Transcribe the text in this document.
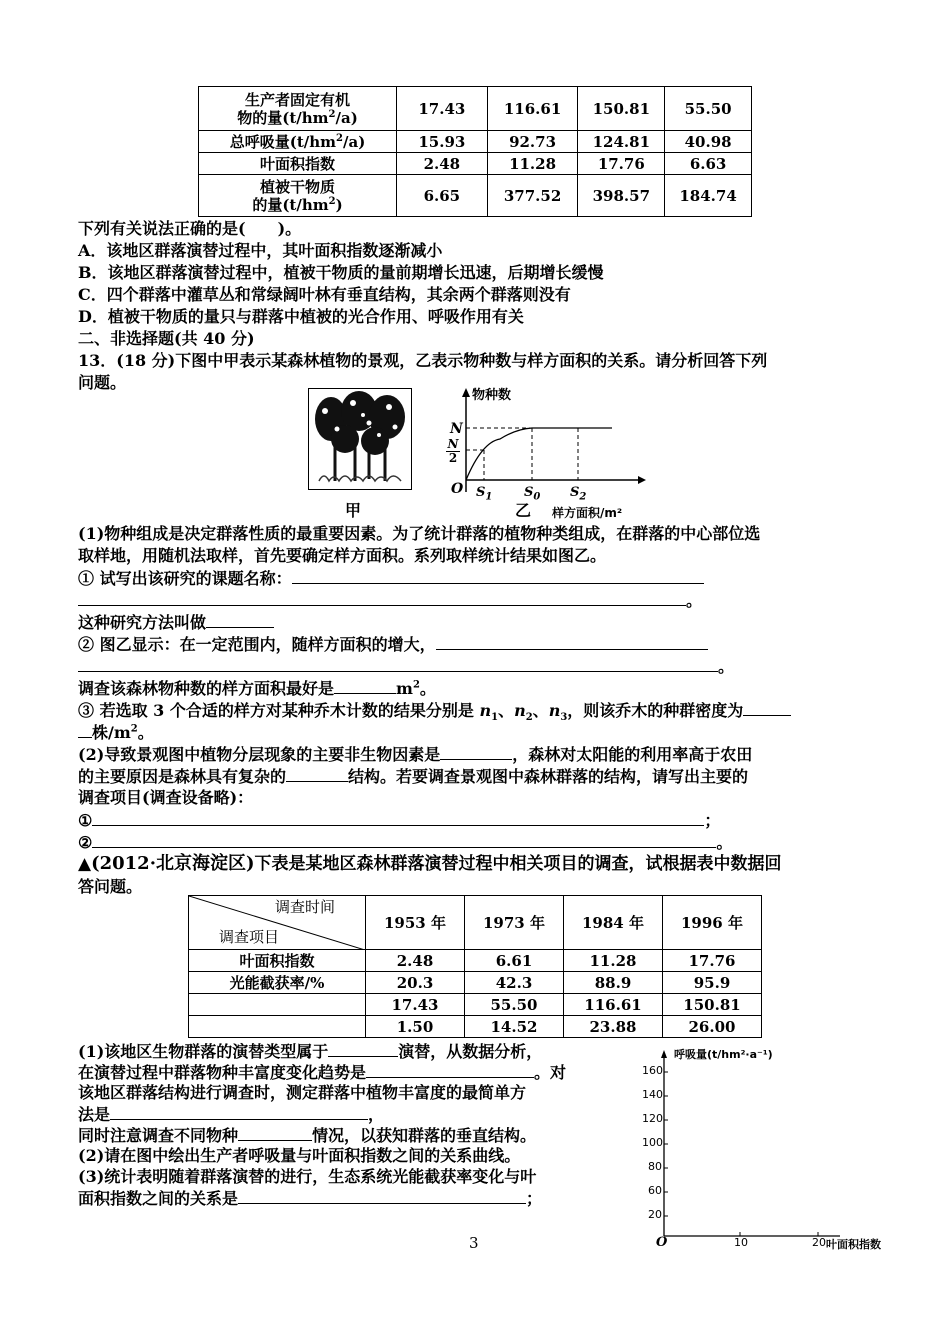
生产者固定有机
物的量$(t/hm^2/a)$	17.43	116.61	150.81	55.50
总呼吸量$(t/hm^2/a)$	15.93	92.73	124.81	40.98
叶面积指数	2.48	11.28	17.76	6.63

植被干物质
的量$(t/hm^2)$	6.65	377.52	398.57	184.74
下列有关说法正确的是(　　)。
A．该地区群落演替过程中，其叶面积指数逐渐减小
B．该地区群落演替过程中，植被干物质的量前期增长迅速，后期增长缓慢
C．四个群落中灌草丛和常绿阔叶林有垂直结构，其余两个群落则没有
D．植被干物质的量只与群落中植被的光合作用、呼吸作用有关
二、非选择题(共 40 分)
13．(18 分)下图中甲表示某森林植物的景观，乙表示物种数与样方面积的关系。请分析回答下列
问题。
甲
物种数
N
N
2
O $S_1$ $S_0$ $S_2$
乙 样方面积/m²
(1)物种组成是决定群落性质的最重要因素。为了统计群落的植物种类组成，在群落的中心部位选
取样地，用随机法取样，首先要确定样方面积。系列取样统计结果如图乙。
① 试写出该研究的课题名称：
。
这种研究方法叫做
② 图乙显示：在一定范围内，随样方面积的增大，
。
调查该森林物种数的样方面积最好是	$m^2$。
③ 若选取 3 个合适的样方对某种乔木计数的结果分别是 $n_1$、$n_2$、$n_3$，则该乔木的种群密度为
株$/m^2$。
(2)导致景观图中植物分层现象的主要非生物因素是	，森林对太阳能的利用率高于农田
的主要原因是森林具有复杂的	结构。若要调查景观图中森林群落的结构，请写出主要的
调查项目(调查设备略)：
①	；
②	。
▲(2012·北京海淀区)下表是某地区森林群落演替过程中相关项目的调查，试根据表中数据回
答问题。
调查时间
调查项目	1953 年	1973 年	1984 年	1996 年
叶面积指数	2.48	6.61	11.28	17.76
光能截获率/%	20.3	42.3	88.9	95.9
	17.43	55.50	116.61	150.81
	1.50	14.52	23.88	26.00
(1)该地区生物群落的演替类型属于	演替，从数据分析，
在演替过程中群落物种丰富度变化趋势是	。对
该地区群落结构进行调查时，测定群落中植物丰富度的最简单方
法是	，
同时注意调查不同物种	情况，以获知群落的垂直结构。
(2)请在图中绘出生产者呼吸量与叶面积指数之间的关系曲线。
(3)统计表明随着群落演替的进行，生态系统光能截获率变化与叶
面积指数之间的关系是	；
呼吸量(t/hm²·a⁻¹)
160
140
120
100
80
60
20
O	10	20 叶面积指数
3
